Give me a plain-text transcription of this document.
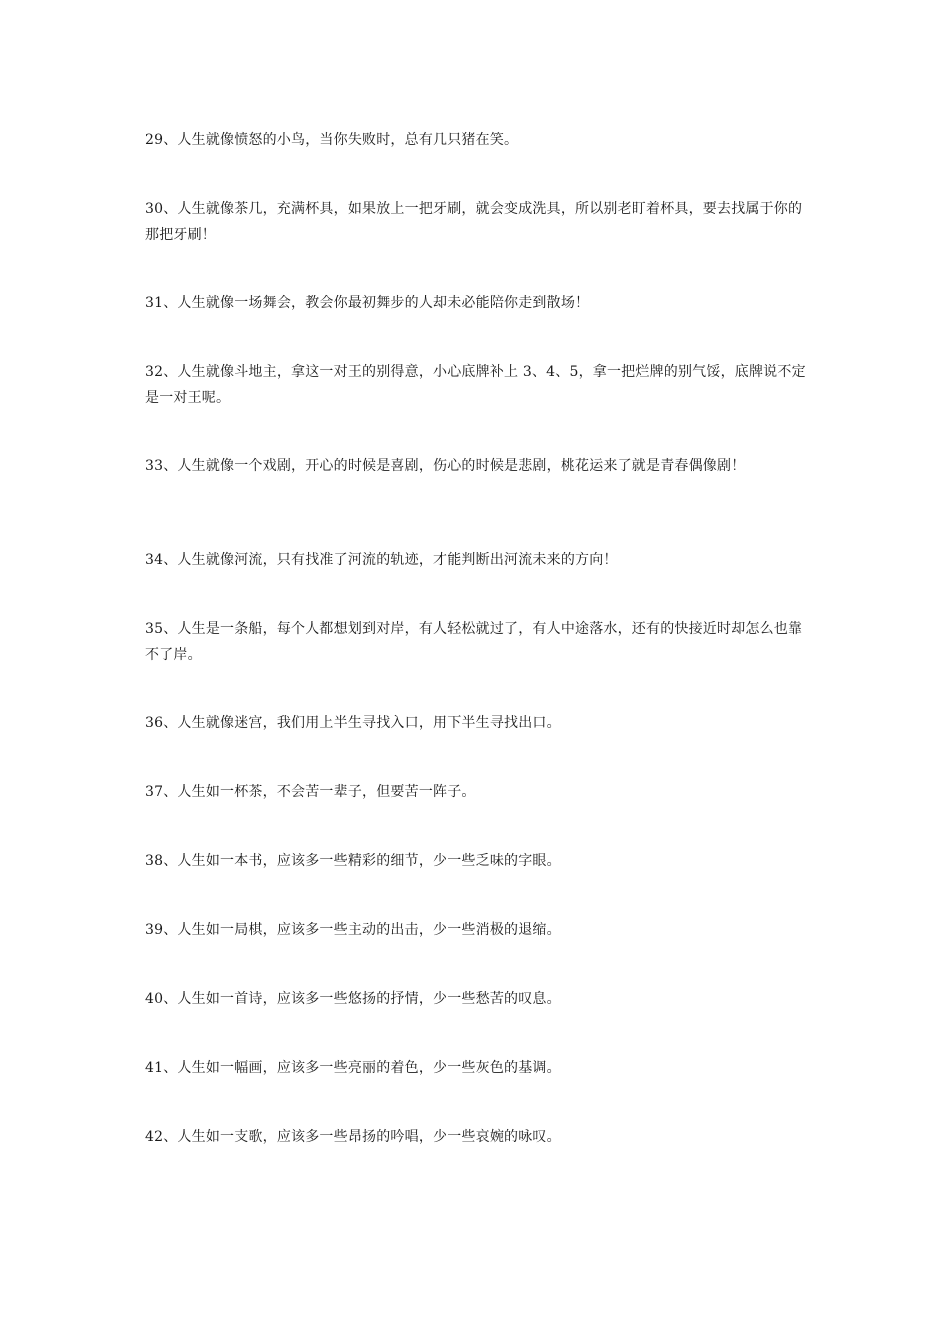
29、人生就像愤怒的小鸟，当你失败时，总有几只猪在笑。

30、人生就像茶几，充满杯具，如果放上一把牙刷，就会变成洗具，所以别老盯着杯具，要去找属于你的那把牙刷！

31、人生就像一场舞会，教会你最初舞步的人却未必能陪你走到散场！

32、人生就像斗地主，拿这一对王的别得意，小心底牌补上 3、4、5，拿一把烂牌的别气馁，底牌说不定是一对王呢。

33、人生就像一个戏剧，开心的时候是喜剧，伤心的时候是悲剧，桃花运来了就是青春偶像剧！

34、人生就像河流，只有找准了河流的轨迹，才能判断出河流未来的方向！

35、人生是一条船，每个人都想划到对岸，有人轻松就过了，有人中途落水，还有的快接近时却怎么也靠不了岸。

36、人生就像迷宫，我们用上半生寻找入口，用下半生寻找出口。

37、人生如一杯茶，不会苦一辈子，但要苦一阵子。

38、人生如一本书，应该多一些精彩的细节，少一些乏味的字眼。

39、人生如一局棋，应该多一些主动的出击，少一些消极的退缩。

40、人生如一首诗，应该多一些悠扬的抒情，少一些愁苦的叹息。

41、人生如一幅画，应该多一些亮丽的着色，少一些灰色的基调。

42、人生如一支歌，应该多一些昂扬的吟唱，少一些哀婉的咏叹。
